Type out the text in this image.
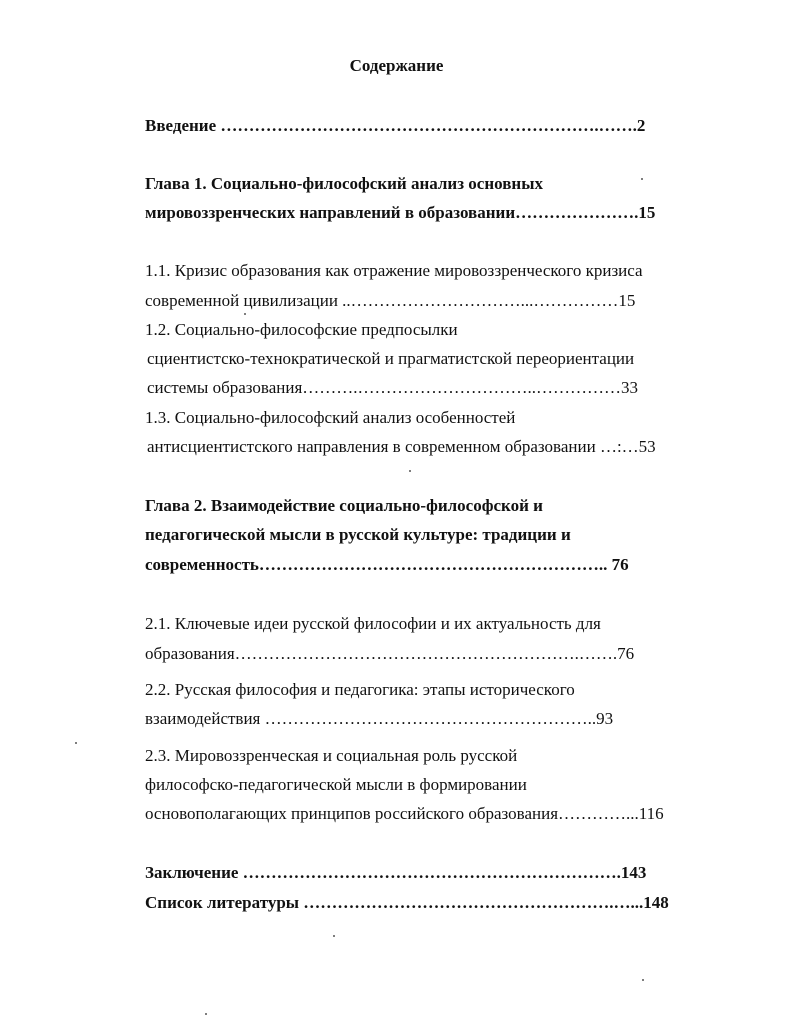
Содержание
Введение ………………………………………………………….…….2
Глава 1. Социально-философский анализ основных
мировоззренческих направлений в образовании………………….15
1.1. Кризис образования как отражение мировоззренческого кризиса
современной цивилизации ..…………………………...……………15
1.2. Социально-философские предпосылки
сциентистско-технократической и прагматистской переориентации
системы образования……….…………………………..……………33
1.3. Социально-философский анализ особенностей
антисциентистского направления в современном образовании …:…53
Глава 2. Взаимодействие социально-философской и
педагогической мысли в русской культуре: традиции и
современность…………………………………………………….. 76
2.1. Ключевые идеи русской философии и их актуальность для
образования…………………………………………………….…….76
2.2. Русская философия и педагогика: этапы исторического
взаимодействия …………………………………………………..93
2.3. Мировоззренческая и социальная роль русской
философско-педагогической мысли в формировании
основополагающих принципов российского образования…………...116
Заключение ………………………………………………………….143
Список литературы ……………………………………………….…...148
